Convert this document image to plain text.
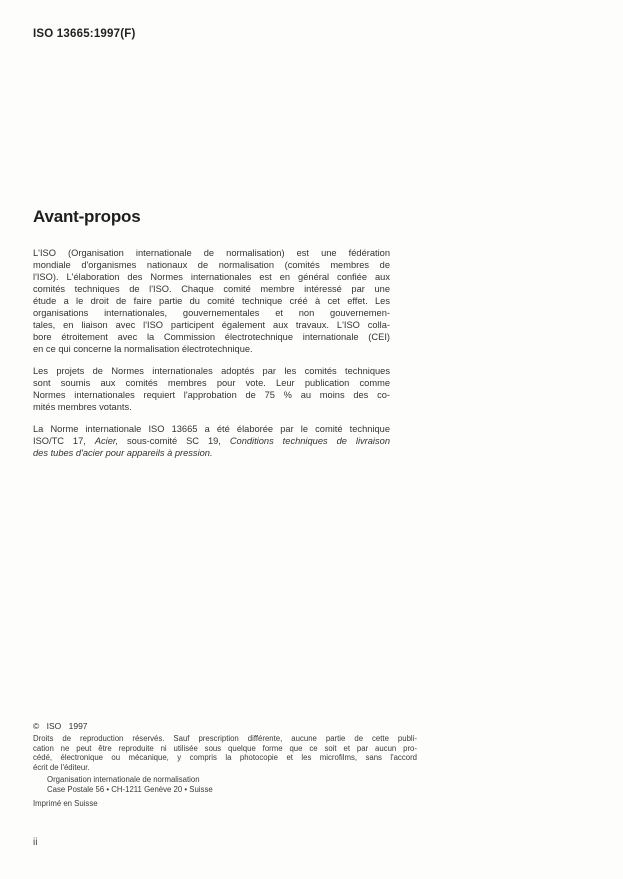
ISO 13665:1997(F)
Avant-propos
L'ISO (Organisation internationale de normalisation) est une fédération
mondiale d'organismes nationaux de normalisation (comités membres de
l'ISO). L'élaboration des Normes internationales est en général confiée aux
comités techniques de l'ISO. Chaque comité membre intéressé par une
étude a le droit de faire partie du comité technique créé à cet effet. Les
organisations internationales, gouvernementales et non gouvernemen-
tales, en liaison avec l'ISO participent également aux travaux. L'ISO colla-
bore étroitement avec la Commission électrotechnique internationale (CEI)
en ce qui concerne la normalisation électrotechnique.
Les projets de Normes internationales adoptés par les comités techniques
sont soumis aux comités membres pour vote. Leur publication comme
Normes internationales requiert l'approbation de 75 % au moins des co-
mités membres votants.
La Norme internationale ISO 13665 a été élaborée par le comité technique
ISO/TC 17, Acier, sous-comité SC 19, Conditions techniques de livraison
des tubes d'acier pour appareils à pression.
© ISO 1997
Droits de reproduction réservés. Sauf prescription différente, aucune partie de cette publi-
cation ne peut être reproduite ni utilisée sous quelque forme que ce soit et par aucun pro-
cédé, électronique ou mécanique, y compris la photocopie et les microfilms, sans l'accord
écrit de l'éditeur.
Organisation internationale de normalisation
Case Postale 56 • CH-1211 Genève 20 • Suisse
Imprimé en Suisse
ii
